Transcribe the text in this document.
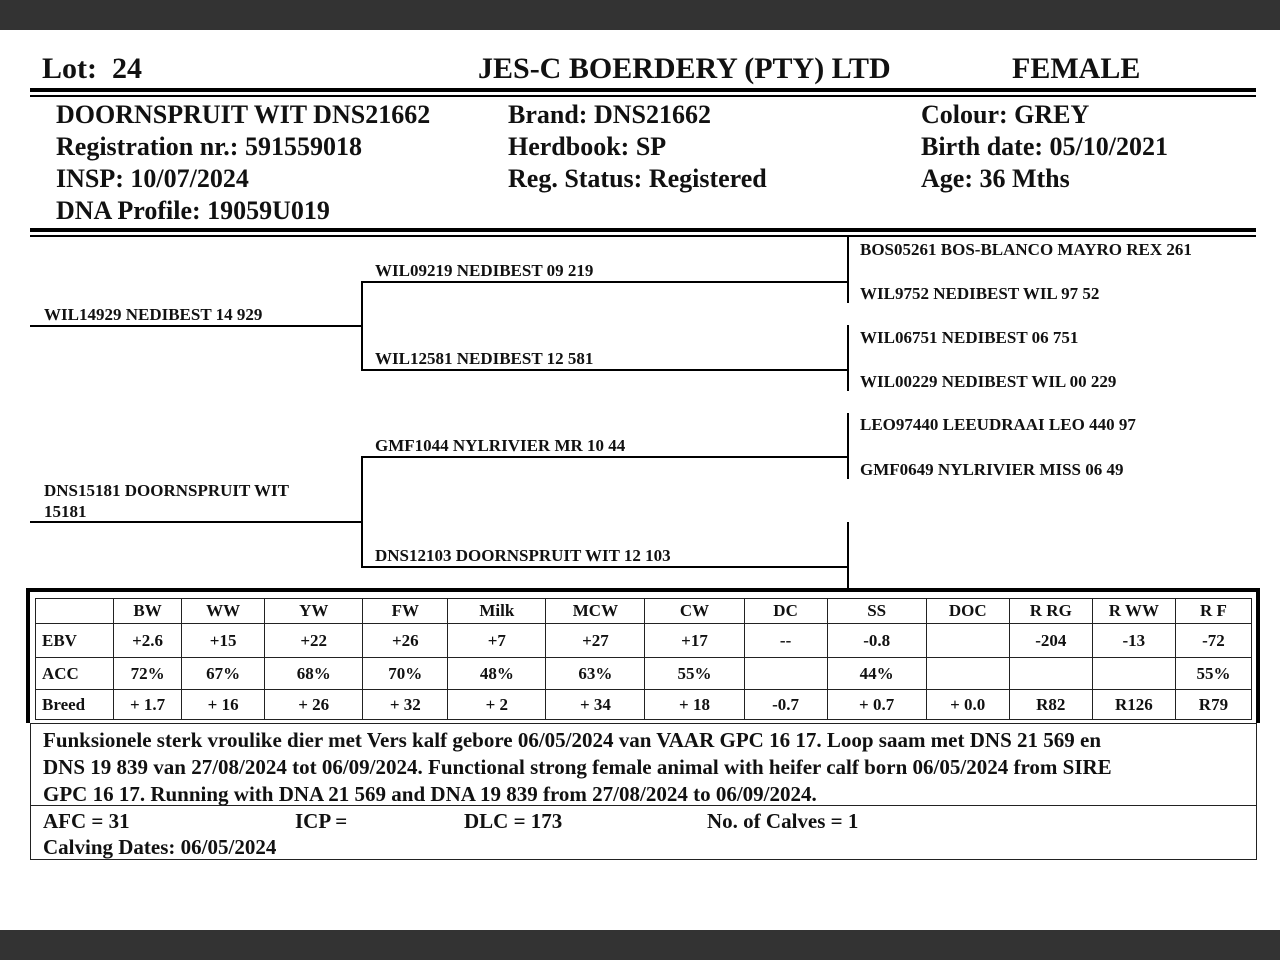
Lot: 24	JES-C BOERDERY (PTY) LTD	FEMALE
DOORNSPRUIT WIT DNS21662
Registration nr.: 591559018
INSP: 10/07/2024
DNA Profile: 19059U019
Brand: DNS21662
Herdbook: SP
Reg. Status: Registered
Colour: GREY
Birth date: 05/10/2021
Age: 36 Mths
WIL14929 NEDIBEST 14 929
WIL09219 NEDIBEST 09 219
WIL12581 NEDIBEST 12 581
BOS05261 BOS-BLANCO MAYRO REX 261
WIL9752 NEDIBEST WIL 97 52
WIL06751 NEDIBEST 06 751
WIL00229 NEDIBEST WIL 00 229
DNS15181 DOORNSPRUIT WIT
15181
GMF1044 NYLRIVIER MR 10 44
DNS12103 DOORNSPRUIT WIT 12 103
LEO97440 LEEUDRAAI LEO 440 97
GMF0649 NYLRIVIER MISS 06 49
	BW	WW	YW	FW	Milk	MCW	CW	DC	SS	DOC	R RG	R WW	R F
EBV	+2.6	+15	+22	+26	+7	+27	+17	--	-0.8		-204	-13	-72
ACC	72%	67%	68%	70%	48%	63%	55%		44%				55%
Breed	+ 1.7	+ 16	+ 26	+ 32	+ 2	+ 34	+ 18	-0.7	+ 0.7	+ 0.0	R82	R126	R79
Funksionele sterk vroulike dier met Vers kalf gebore 06/05/2024 van VAAR GPC 16 17. Loop saam met DNS 21 569 en
DNS 19 839 van 27/08/2024 tot 06/09/2024. Functional strong female animal with heifer calf born 06/05/2024 from SIRE
GPC 16 17. Running with DNA 21 569 and DNA 19 839 from 27/08/2024 to 06/09/2024.
AFC = 31	ICP =	DLC = 173	No. of Calves = 1
Calving Dates: 06/05/2024
